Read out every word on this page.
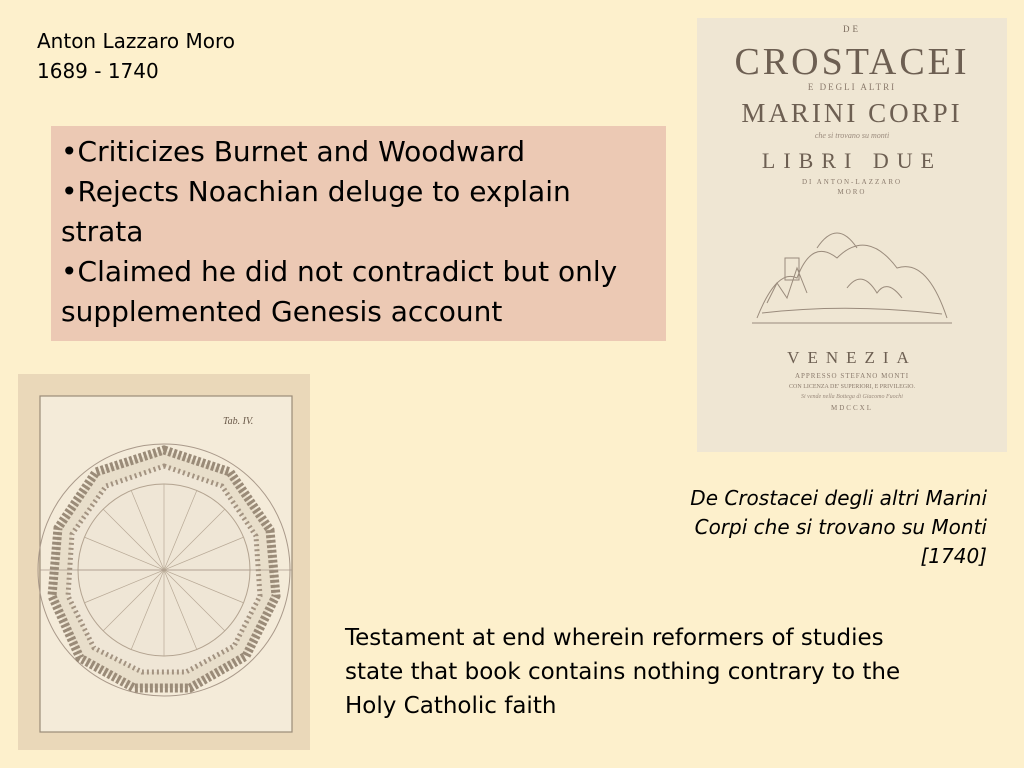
Anton Lazzaro Moro
1689 - 1740

•Criticizes Burnet and Woodward

•Rejects Noachian deluge to explain strata

•Claimed he did not contradict but only supplemented Genesis account

DE
CROSTACEI
E DEGLI ALTRI
MARINI CORPI
che si trovano su monti
LIBRI DUE
DI ANTON-LAZZARO
MORO
VENEZIA
APPRESSO STEFANO MONTI
CON LICENZA DE' SUPERIORI, E PRIVILEGIO.
Si vende nella Bottega di Giacomo Fuochi
MDCCXL
Tab. IV.
De Crostacei degli altri Marini
Corpi che si trovano su Monti
[1740]
Testament at end wherein reformers of studies
state that book contains nothing contrary to the
Holy Catholic faith
